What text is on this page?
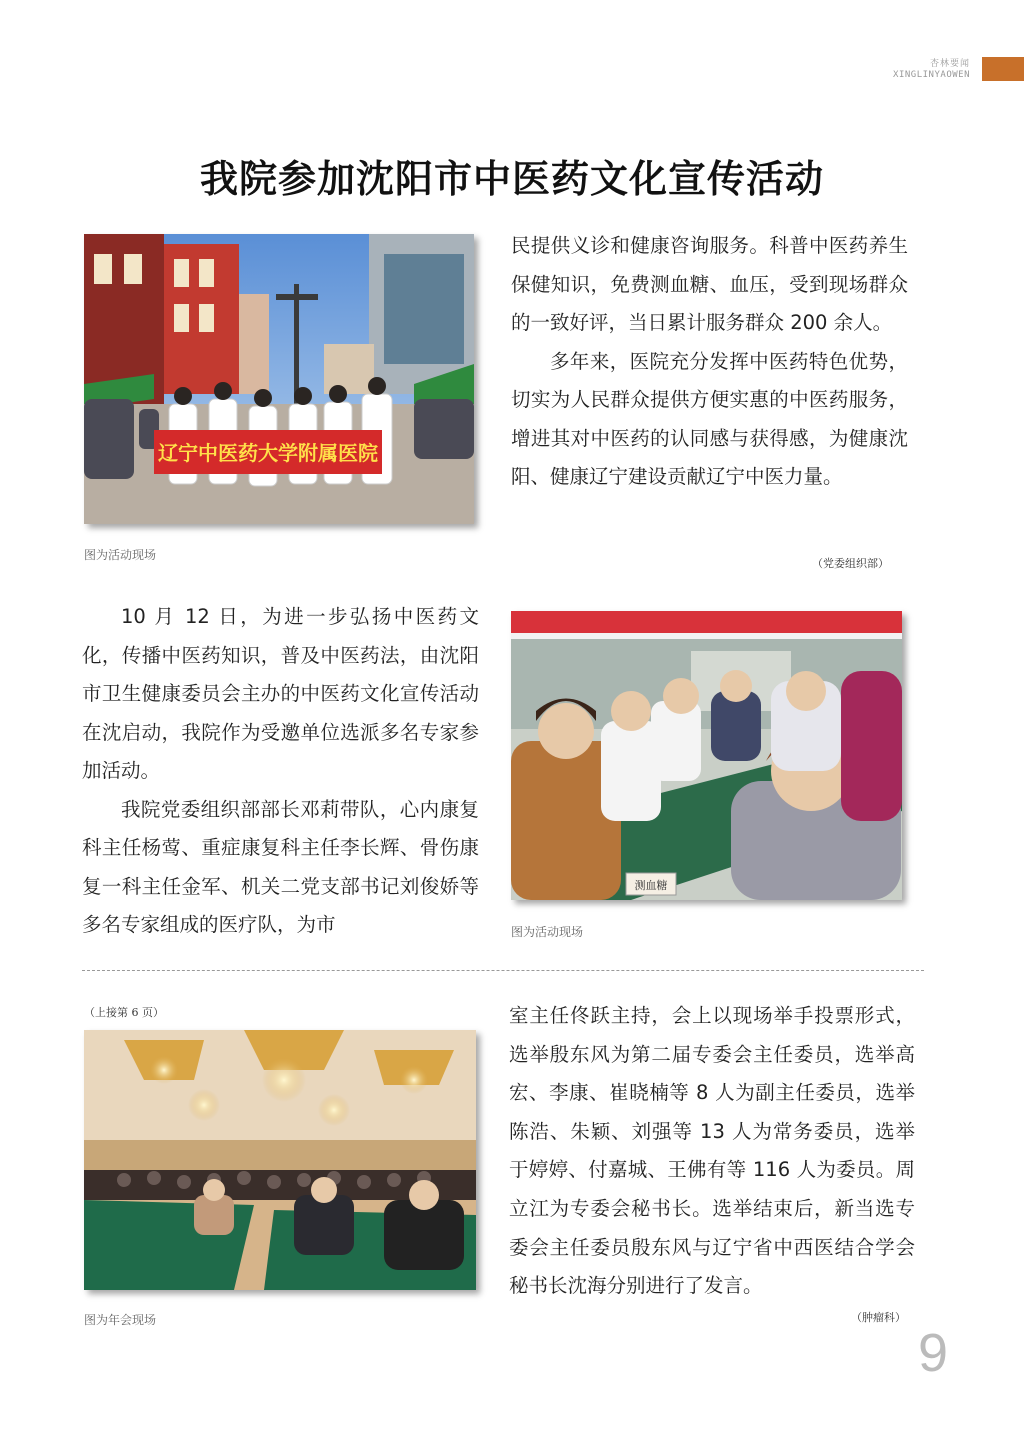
杏林要闻
XINGLINYAOWEN
我院参加沈阳市中医药文化宣传活动
辽宁中医药大学附属医院
图为活动现场

民提供义诊和健康咨询服务。科普中医药养生保健知识，免费测血糖、血压，受到现场群众的一致好评，当日累计服务群众 200 余人。

多年来，医院充分发挥中医药特色优势，切实为人民群众提供方便实惠的中医药服务，增进其对中医药的认同感与获得感，为健康沈阳、健康辽宁建设贡献辽宁中医力量。

（党委组织部）

10 月 12 日，为进一步弘扬中医药文化，传播中医药知识，普及中医药法，由沈阳市卫生健康委员会主办的中医药文化宣传活动在沈启动，我院作为受邀单位选派多名专家参加活动。

我院党委组织部部长邓莉带队，心内康复科主任杨莺、重症康复科主任李长辉、骨伤康复一科主任金军、机关二党支部书记刘俊娇等多名专家组成的医疗队，为市

测血糖
图为活动现场
（上接第 6 页）
图为年会现场

室主任佟跃主持，会上以现场举手投票形式，选举殷东风为第二届专委会主任委员，选举高宏、李康、崔晓楠等 8 人为副主任委员，选举陈浩、朱颖、刘强等 13 人为常务委员，选举于婷婷、付嘉城、王佛有等 116 人为委员。周立江为专委会秘书长。选举结束后，新当选专委会主任委员殷东风与辽宁省中西医结合学会秘书长沈海分别进行了发言。

（肿瘤科）
9
